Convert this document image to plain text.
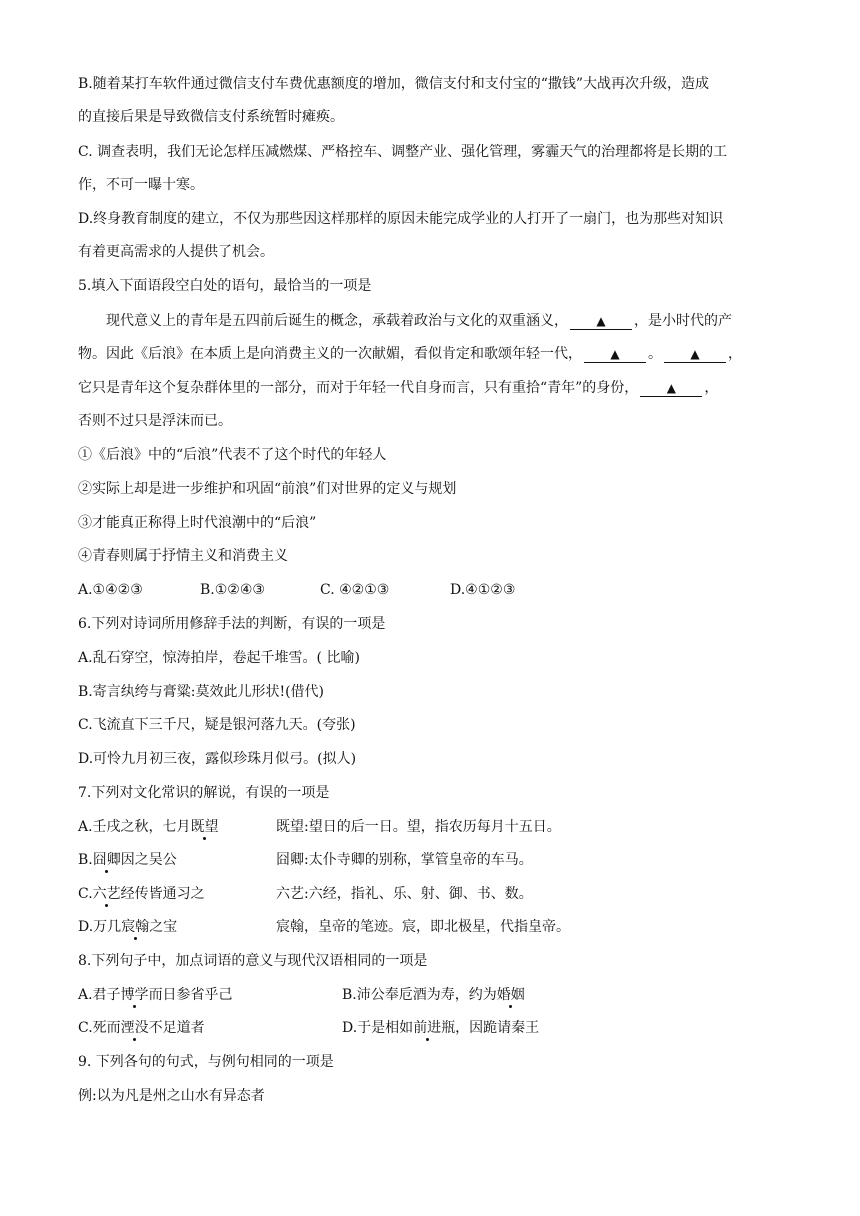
B.随着某打车软件通过微信支付车费优惠额度的增加，微信支付和支付宝的“撒钱”大战再次升级，造成
的直接后果是导致微信支付系统暂时瘫痪。
C. 调查表明，我们无论怎样压减燃煤、严格控车、调整产业、强化管理，雾霾天气的治理都将是长期的工
作，不可一曝十寒。
D.终身教育制度的建立，不仅为那些因这样那样的原因未能完成学业的人打开了一扇门，也为那些对知识
有着更高需求的人提供了机会。
5.填入下面语段空白处的语句，最恰当的一项是
现代意义上的青年是五四前后诞生的概念，承载着政治与文化的双重涵义， ▲ ，是小时代的产
物。因此《后浪》在本质上是向消费主义的一次献媚，看似肯定和歌颂年轻一代， ▲ 。 ▲ ，
它只是青年这个复杂群体里的一部分，而对于年轻一代自身而言，只有重拾“青年”的身份， ▲ ，
否则不过只是浮沫而已。
①《后浪》中的“后浪”代表不了这个时代的年轻人
②实际上却是进一步维护和巩固“前浪”们对世界的定义与规划
③才能真正称得上时代浪潮中的“后浪”
④青春则属于抒情主义和消费主义
A.①④②③	B.①②④③	C. ④②①③	D.④①②③
6.下列对诗词所用修辞手法的判断，有误的一项是
A.乱石穿空，惊涛拍岸，卷起千堆雪。( 比喻)
B.寄言纨绔与膏粱:莫效此儿形状!(借代)
C.飞流直下三千尺，疑是银河落九天。(夸张)
D.可怜九月初三夜，露似珍珠月似弓。(拟人)
7.下列对文化常识的解说，有误的一项是
A.壬戌之秋，七月既望	既望:望日的后一日。望，指农历每月十五日。
B.囧卿因之吴公	囧卿:太仆寺卿的别称，掌管皇帝的车马。
C.六艺经传皆通习之	六艺:六经，指礼、乐、射、御、书、数。
D.万几宸翰之宝	宸翰，皇帝的笔迹。宸，即北极星，代指皇帝。
8.下列句子中，加点词语的意义与现代汉语相同的一项是
A.君子博学而日参省乎己	B.沛公奉卮酒为寿，约为婚姻
C.死而湮没不足道者	D.于是相如前进瓶，因跪请秦王
9. 下列各句的句式，与例句相同的一项是
例:以为凡是州之山水有异态者
